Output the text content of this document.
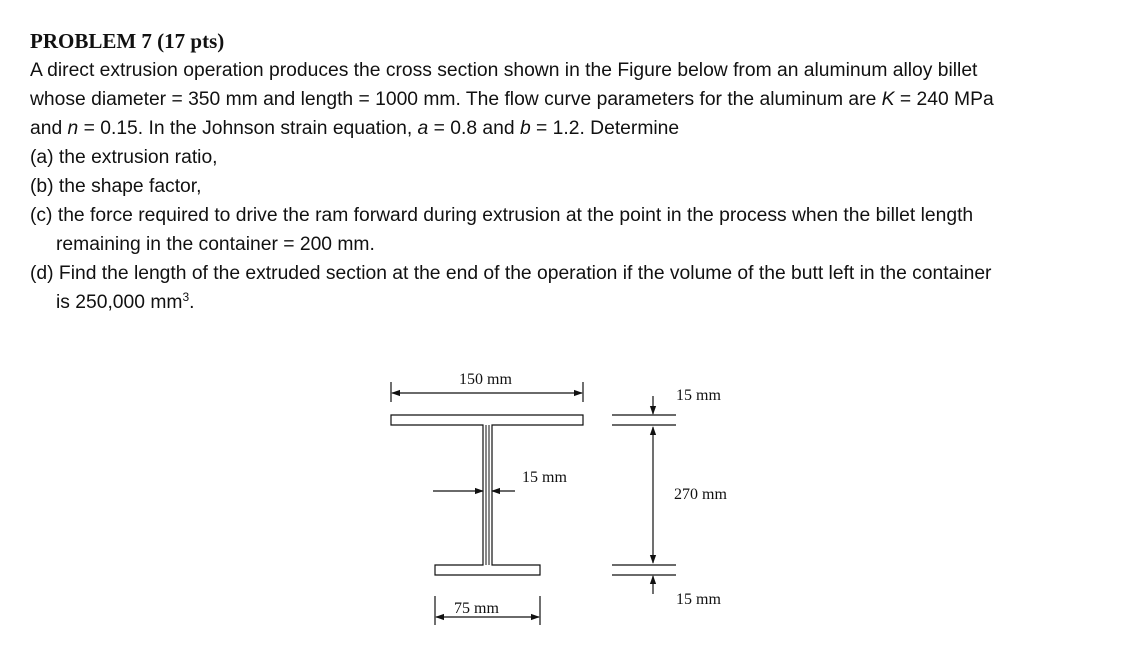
PROBLEM 7 (17 pts)
A direct extrusion operation produces the cross section shown in the Figure below from an aluminum alloy billet
whose diameter = 350 mm and length = 1000 mm. The flow curve parameters for the aluminum are K = 240 MPa
and n = 0.15. In the Johnson strain equation, a = 0.8 and b = 1.2. Determine
(a) the extrusion ratio,
(b) the shape factor,
(c) the force required to drive the ram forward during extrusion at the point in the process when the billet length
remaining in the container = 200 mm.
(d) Find the length of the extruded section at the end of the operation if the volume of the butt left in the container
is 250,000 $mm^3$.
150 mm
15 mm
75 mm
15 mm
270 mm
15 mm
